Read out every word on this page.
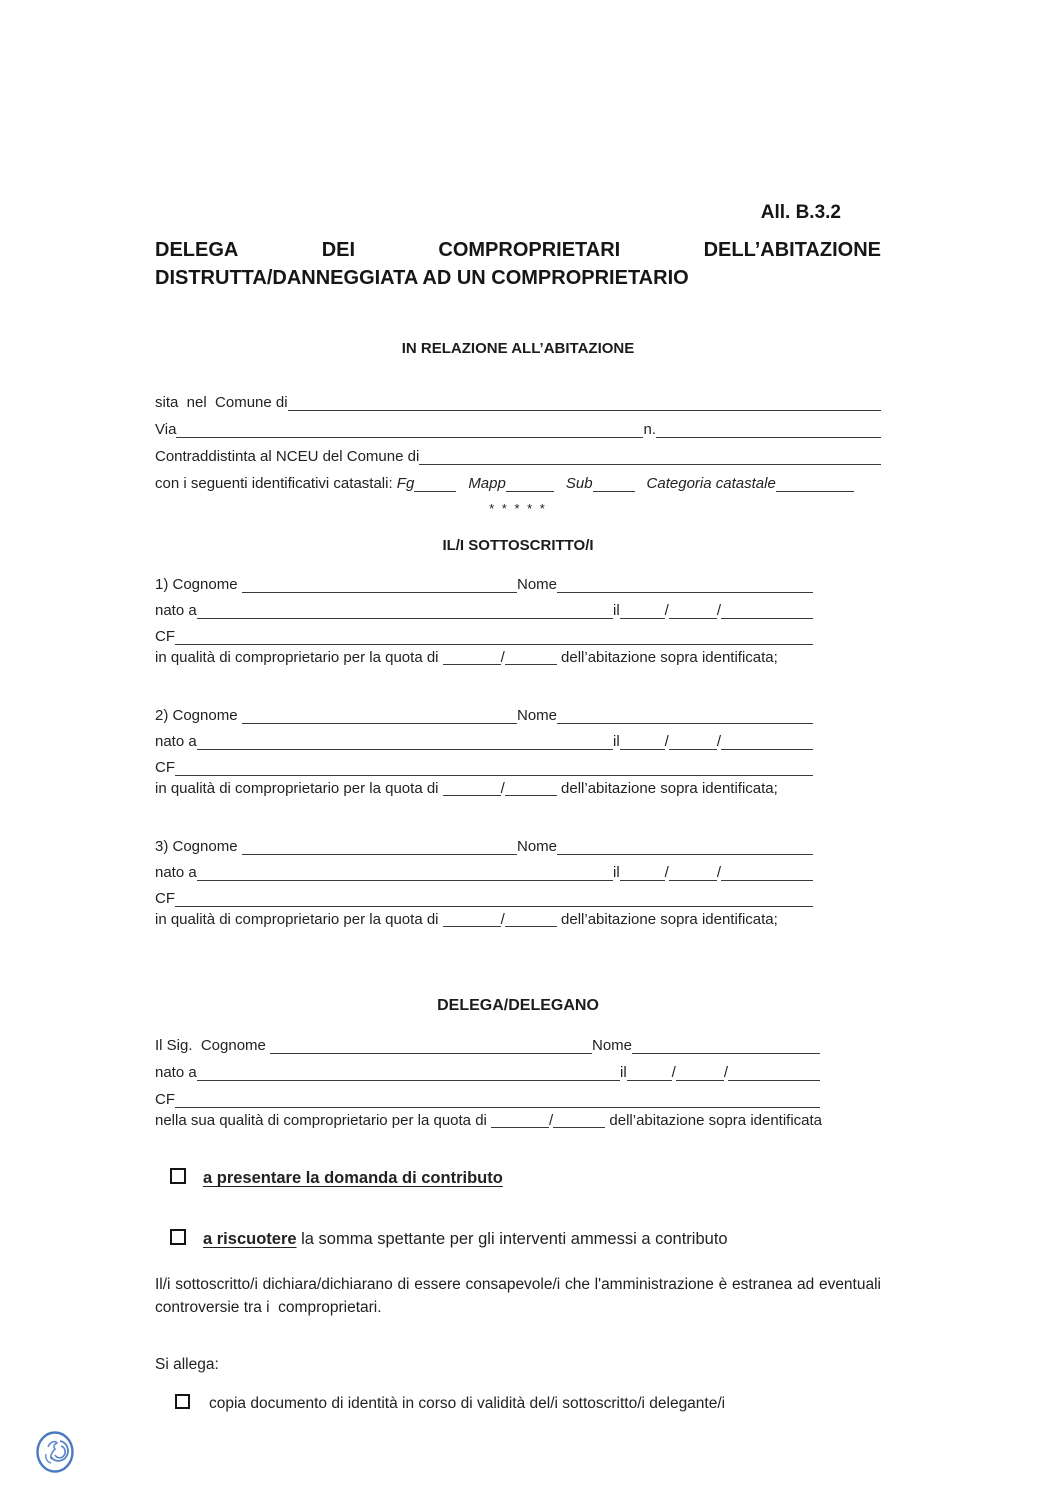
All. B.3.2
DELEGA	DEI	COMPROPRIETARI	DELL’ABITAZIONE
DISTRUTTA/DANNEGGIATA AD UN COMPROPRIETARIO
IN RELAZIONE ALL’ABITAZIONE
sita  nel  Comune di
Via	n.
Contraddistinta al NCEU del Comune di
con i seguenti identificativi catastali: Fg	Mapp	Sub	Categoria catastale
* * * * *
IL/I SOTTOSCRITTO/I
1) Cognome	Nome
nato a	il	/	/
CF
in qualità di comproprietario per la quota di	/	dell’abitazione sopra identificata;
2) Cognome	Nome
nato a	il	/	/
CF
in qualità di comproprietario per la quota di	/	dell’abitazione sopra identificata;
3) Cognome	Nome
nato a	il	/	/
CF
in qualità di comproprietario per la quota di	/	dell’abitazione sopra identificata;
DELEGA/DELEGANO
Il Sig.  Cognome	Nome
nato a	il	/	/
CF
nella sua qualità di comproprietario per la quota di	/	dell’abitazione sopra identificata
a presentare la domanda di contributo
a riscuotere la somma spettante per gli interventi ammessi a contributo
Il/i sottoscritto/i dichiara/dichiarano di essere consapevole/i che l'amministrazione è estranea ad eventuali controversie tra i  comproprietari.
Si allega:
copia documento di identità in corso di validità del/i sottoscritto/i delegante/i
